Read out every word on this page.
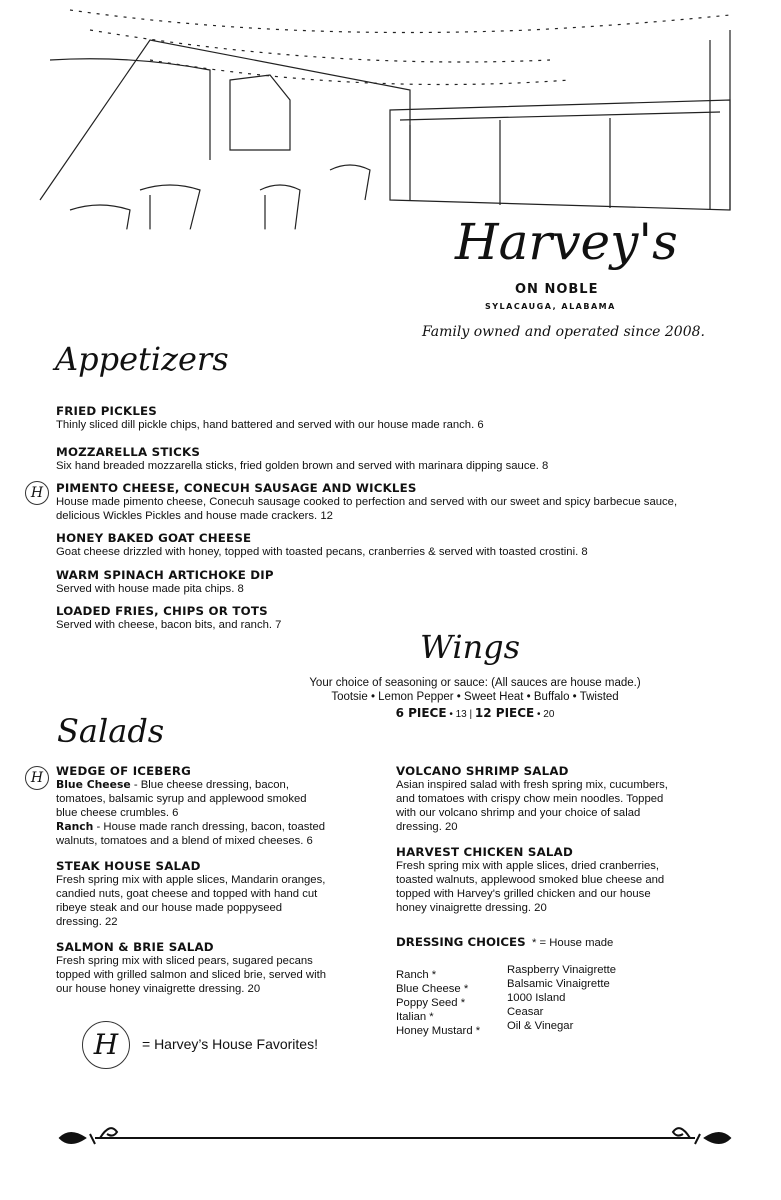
Harvey's
ON NOBLE
SYLACAUGA, ALABAMA
Family owned and operated since 2008.
Appetizers
FRIED PICKLES

Thinly sliced dill pickle chips, hand battered and served with our house made ranch. 6

MOZZARELLA STICKS

Six hand breaded mozzarella sticks, fried golden brown and served with marinara dipping sauce. 8

H	PIMENTO CHEESE, CONECUH SAUSAGE AND WICKLES

House made pimento cheese, Conecuh sausage cooked to perfection and served with our sweet and spicy barbecue sauce, delicious Wickles Pickles and house made crackers. 12

HONEY BAKED GOAT CHEESE

Goat cheese drizzled with honey, topped with toasted pecans, cranberries & served with toasted crostini. 8

WARM SPINACH ARTICHOKE DIP

Served with house made pita chips. 8

LOADED FRIES, CHIPS OR TOTS

Served with cheese, bacon bits, and ranch. 7

Wings
Your choice of seasoning or sauce: (All sauces are house made.)
Tootsie • Lemon Pepper • Sweet Heat • Buffalo • Twisted
6 PIECE • 13 | 12 PIECE • 20
Salads
H	WEDGE OF ICEBERG

Blue Cheese - Blue cheese dressing, bacon, tomatoes, balsamic syrup and applewood smoked blue cheese crumbles. 6

Ranch - House made ranch dressing, bacon, toasted walnuts, tomatoes and a blend of mixed cheeses. 6

STEAK HOUSE SALAD

Fresh spring mix with apple slices, Mandarin oranges, candied nuts, goat cheese and topped with hand cut ribeye steak and our house made poppyseed dressing. 22

SALMON & BRIE SALAD

Fresh spring mix with sliced pears, sugared pecans topped with grilled salmon and sliced brie, served with our house honey vinaigrette dressing. 20

VOLCANO SHRIMP SALAD

Asian inspired salad with fresh spring mix, cucumbers, and tomatoes with crispy chow mein noodles. Topped with our volcano shrimp and your choice of salad dressing. 20

HARVEST CHICKEN SALAD

Fresh spring mix with apple slices, dried cranberries, toasted walnuts, applewood smoked blue cheese and topped with Harvey's grilled chicken and our house honey vinaigrette dressing. 20

DRESSING CHOICES * = House made
Ranch *
Blue Cheese *
Poppy Seed *
Italian *
Honey Mustard *
Raspberry Vinaigrette
Balsamic Vinaigrette
1000 Island
Ceasar
Oil & Vinegar
H	= Harvey’s House Favorites!
